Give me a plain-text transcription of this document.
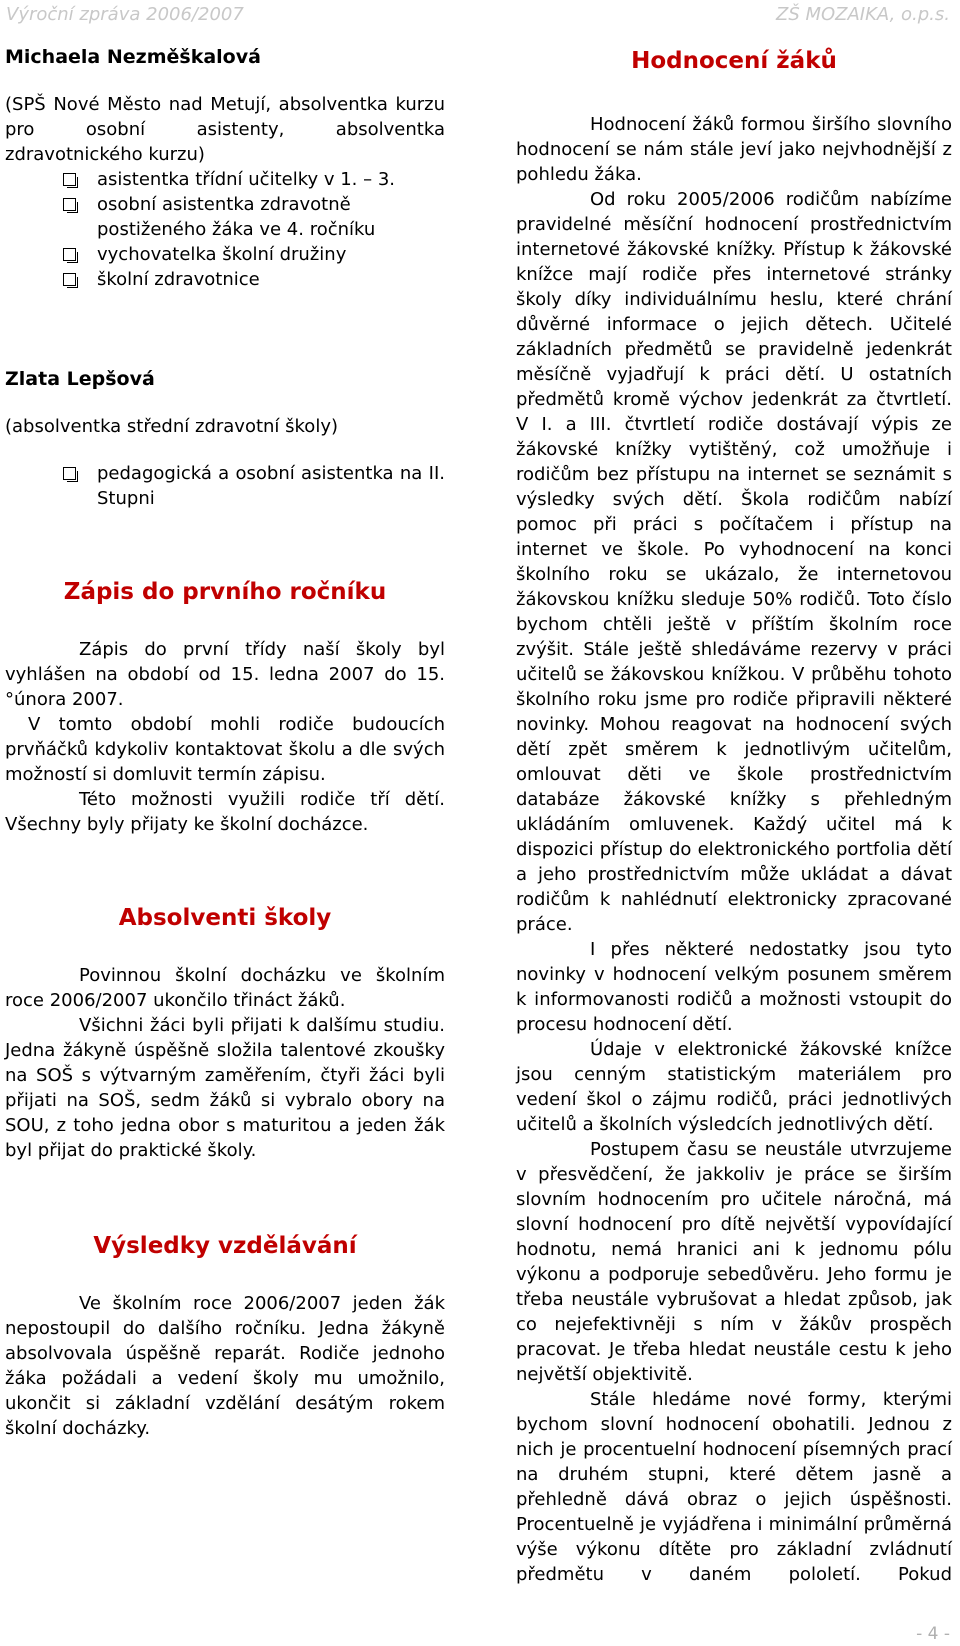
Výroční zpráva 2006/2007	ZŠ MOZAIKA, o.p.s.

Michaela Nezměškalová

(SPŠ Nové Město nad Metují, absolventka kurzu pro osobní asistenty, absolventka zdravotnického kurzu)

asistentka třídní učitelky v 1. – 3.
osobní asistentka zdravotně postiženého žáka ve 4. ročníku
vychovatelka školní družiny
školní zdravotnice

Zlata Lepšová

(absolventka střední zdravotní školy)

pedagogická a osobní asistentka na II. Stupni
Zápis do prvního ročníku

Zápis do první třídy naší školy byl vyhlášen na období od 15. ledna 2007 do 15.°února 2007.

V tomto období mohli rodiče budoucích prvňáčků kdykoliv kontaktovat školu a dle svých možností si domluvit termín zápisu.

Této možnosti využili rodiče tří dětí. Všechny byly přijaty ke školní docházce.

Absolventi školy

Povinnou školní docházku ve školním roce 2006/2007 ukončilo třináct žáků.

Všichni žáci byli přijati k dalšímu studiu. Jedna žákyně úspěšně složila talentové zkoušky na SOŠ s výtvarným zaměřením, čtyři žáci byli přijati na SOŠ, sedm žáků si vybralo obory na SOU, z toho jedna obor s maturitou a jeden žák byl přijat do praktické školy.

Výsledky vzdělávání

Ve školním roce 2006/2007 jeden žák nepostoupil do dalšího ročníku. Jedna žákyně absolvovala úspěšně reparát. Rodiče jednoho žáka požádali a vedení školy mu umožnilo, ukončit si základní vzdělání desátým rokem školní docházky.

Hodnocení žáků

Hodnocení žáků formou širšího slovního hodnocení se nám stále jeví jako nejvhodnější z pohledu žáka.

Od roku 2005/2006 rodičům nabízíme pravidelné měsíční hodnocení prostřednictvím internetové žákovské knížky. Přístup k žákovské knížce mají rodiče přes internetové stránky školy díky individuálnímu heslu, které chrání důvěrné informace o jejich dětech. Učitelé základních předmětů se pravidelně jedenkrát měsíčně vyjadřují k práci dětí. U ostatních předmětů kromě výchov jedenkrát za čtvrtletí. V I. a III. čtvrtletí rodiče dostávají výpis ze žákovské knížky vytištěný, což umožňuje i rodičům bez přístupu na internet se seznámit s výsledky svých dětí. Škola rodičům nabízí pomoc při práci s počítačem i přístup na internet ve škole. Po vyhodnocení na konci školního roku se ukázalo, že internetovou žákovskou knížku sleduje 50% rodičů. Toto číslo bychom chtěli ještě v příštím školním roce zvýšit. Stále ještě shledáváme rezervy v práci učitelů se žákovskou knížkou. V průběhu tohoto školního roku jsme pro rodiče připravili některé novinky. Mohou reagovat na hodnocení svých dětí zpět směrem k jednotlivým učitelům, omlouvat děti ve škole prostřednictvím databáze žákovské knížky s přehledným ukládáním omluvenek. Každý učitel má k dispozici přístup do elektronického portfolia dětí a jeho prostřednictvím může ukládat a dávat rodičům k nahlédnutí elektronicky zpracované práce.

I přes některé nedostatky jsou tyto novinky v hodnocení velkým posunem směrem k informovanosti rodičů a možnosti vstoupit do procesu hodnocení dětí.

Údaje v elektronické žákovské knížce jsou cenným statistickým materiálem pro vedení škol o zájmu rodičů, práci jednotlivých učitelů a školních výsledcích jednotlivých dětí.

Postupem času se neustále utvrzujeme v přesvědčení, že jakkoliv je práce se širším slovním hodnocením pro učitele náročná, má slovní hodnocení pro dítě největší vypovídající hodnotu, nemá hranici ani k jednomu pólu výkonu a podporuje sebedůvěru. Jeho formu je třeba neustále vybrušovat a hledat způsob, jak co nejefektivněji s ním v žákův prospěch pracovat. Je třeba hledat neustále cestu k jeho největší objektivitě.

Stále hledáme nové formy, kterými bychom slovní hodnocení obohatili. Jednou z nich je procentuelní hodnocení písemných prací na druhém stupni, které dětem jasně a přehledně dává obraz o jejich úspěšnosti. Procentuelně je vyjádřena i minimální průměrná výše výkonu dítěte pro základní zvládnutí předmětu v daném pololetí. Pokud

- 4 -
